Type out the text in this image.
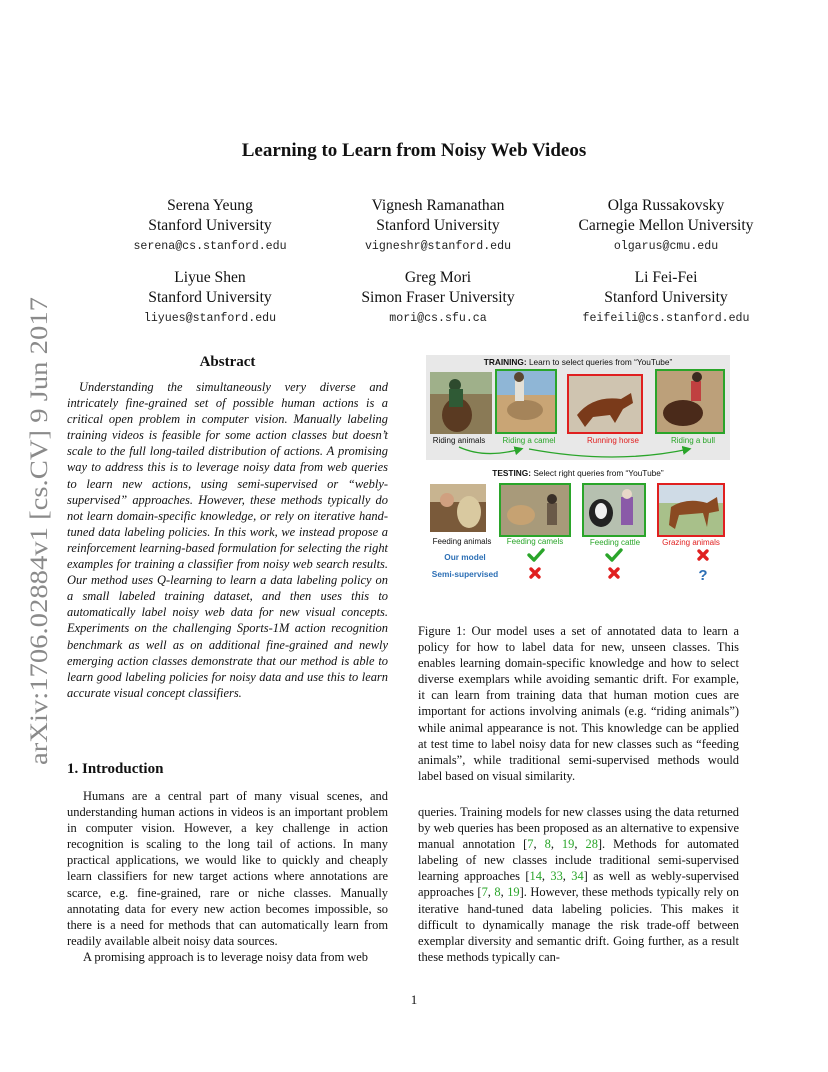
arXiv:1706.02884v1 [cs.CV] 9 Jun 2017
Learning to Learn from Noisy Web Videos
Serena Yeung
Stanford University
serena@cs.stanford.edu
Vignesh Ramanathan
Stanford University
vigneshr@stanford.edu
Olga Russakovsky
Carnegie Mellon University
olgarus@cmu.edu
Liyue Shen
Stanford University
liyues@stanford.edu
Greg Mori
Simon Fraser University
mori@cs.sfu.ca
Li Fei-Fei
Stanford University
feifeili@cs.stanford.edu
Abstract
Understanding the simultaneously very diverse and intricately fine-grained set of possible human actions is a critical open problem in computer vision. Manually labeling training videos is feasible for some action classes but doesn’t scale to the full long-tailed distribution of actions. A promising way to address this is to leverage noisy data from web queries to learn new actions, using semi-supervised or “webly-supervised” approaches. However, these methods typically do not learn domain-specific knowledge, or rely on iterative hand-tuned data labeling policies. In this work, we instead propose a reinforcement learning-based formulation for selecting the right examples for training a classifier from noisy web search results. Our method uses Q-learning to learn a data labeling policy on a small labeled training dataset, and then uses this to automatically label noisy web data for new visual concepts. Experiments on the challenging Sports-1M action recognition benchmark as well as on additional fine-grained and newly emerging action classes demonstrate that our method is able to learn good labeling policies for noisy data and use this to learn accurate visual concept classifiers.
1. Introduction

Humans are a central part of many visual scenes, and understanding human actions in videos is an important problem in computer vision. However, a key challenge in action recognition is scaling to the long tail of actions. In many practical applications, we would like to quickly and cheaply learn classifiers for new target actions where annotations are scarce, e.g. fine-grained, rare or niche classes. Manually annotating data for every new action becomes impossible, so there is a need for methods that can automatically learn from readily available albeit noisy data sources.

A promising approach is to leverage noisy data from web

TRAINING: Learn to select queries from “YouTube”
Riding animals Riding a camel	Running horse	Riding a bull
TESTING: Select right queries from “YouTube”
Feeding animals Feeding camels	Feeding cattle	Grazing animals
Our model
Semi-supervised	?
Figure 1: Our model uses a set of annotated data to learn a policy for how to label data for new, unseen classes. This enables learning domain-specific knowledge and how to select diverse exemplars while avoiding semantic drift. For example, it can learn from training data that human motion cues are important for actions involving animals (e.g. “riding animals”) while animal appearance is not. This knowledge can be applied at test time to label noisy data for new classes such as “feeding animals”, while traditional semi-supervised methods would label based on visual similarity.
queries. Training models for new classes using the data returned by web queries has been proposed as an alternative to expensive manual annotation [7, 8, 19, 28]. Methods for automated labeling of new classes include traditional semi-supervised learning approaches [14, 33, 34] as well as webly-supervised approaches [7, 8, 19]. However, these methods typically rely on iterative hand-tuned data labeling policies. This makes it difficult to dynamically manage the risk trade-off between exemplar diversity and semantic drift. Going further, as a result these methods typically can-
1
